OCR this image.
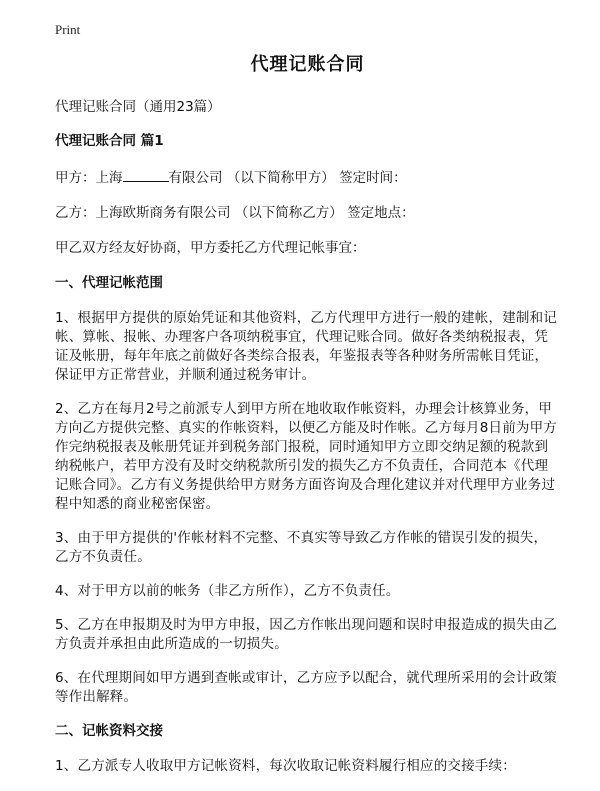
Print
代理记账合同

代理记账合同（通用23篇）

代理记账合同 篇1

甲方：上海	有限公司 （以下简称甲方） 签定时间：

乙方：上海欧斯商务有限公司 （以下简称乙方） 签定地点：

甲乙双方经友好协商，甲方委托乙方代理记帐事宜：

一、代理记帐范围

1、根据甲方提供的原始凭证和其他资料，乙方代理甲方进行一般的建帐，建制和记帐、算帐、报帐、办理客户各项纳税事宜，代理记账合同。做好各类纳税报表，凭证及帐册，每年年底之前做好各类综合报表，年鉴报表等各种财务所需帐目凭证，保证甲方正常营业，并顺利通过税务审计。

2、乙方在每月2号之前派专人到甲方所在地收取作帐资料，办理会计核算业务，甲方向乙方提供完整、真实的作帐资料，以便乙方能及时作帐。乙方每月8日前为甲方作完纳税报表及帐册凭证并到税务部门报税，同时通知甲方立即交纳足额的税款到纳税帐户，若甲方没有及时交纳税款所引发的损失乙方不负责任，合同范本《代理记账合同》。乙方有义务提供给甲方财务方面咨询及合理化建议并对代理甲方业务过程中知悉的商业秘密保密。

3、由于甲方提供的'作帐材料不完整、不真实等导致乙方作帐的错误引发的损失，乙方不负责任。

4、对于甲方以前的帐务（非乙方所作），乙方不负责任。

5、乙方在申报期及时为甲方申报，因乙方作帐出现问题和误时申报造成的损失由乙方负责并承担由此所造成的一切损失。

6、在代理期间如甲方遇到查帐或审计，乙方应予以配合，就代理所采用的会计政策等作出解释。

二、记帐资料交接

1、乙方派专人收取甲方记帐资料，每次收取记帐资料履行相应的交接手续：
